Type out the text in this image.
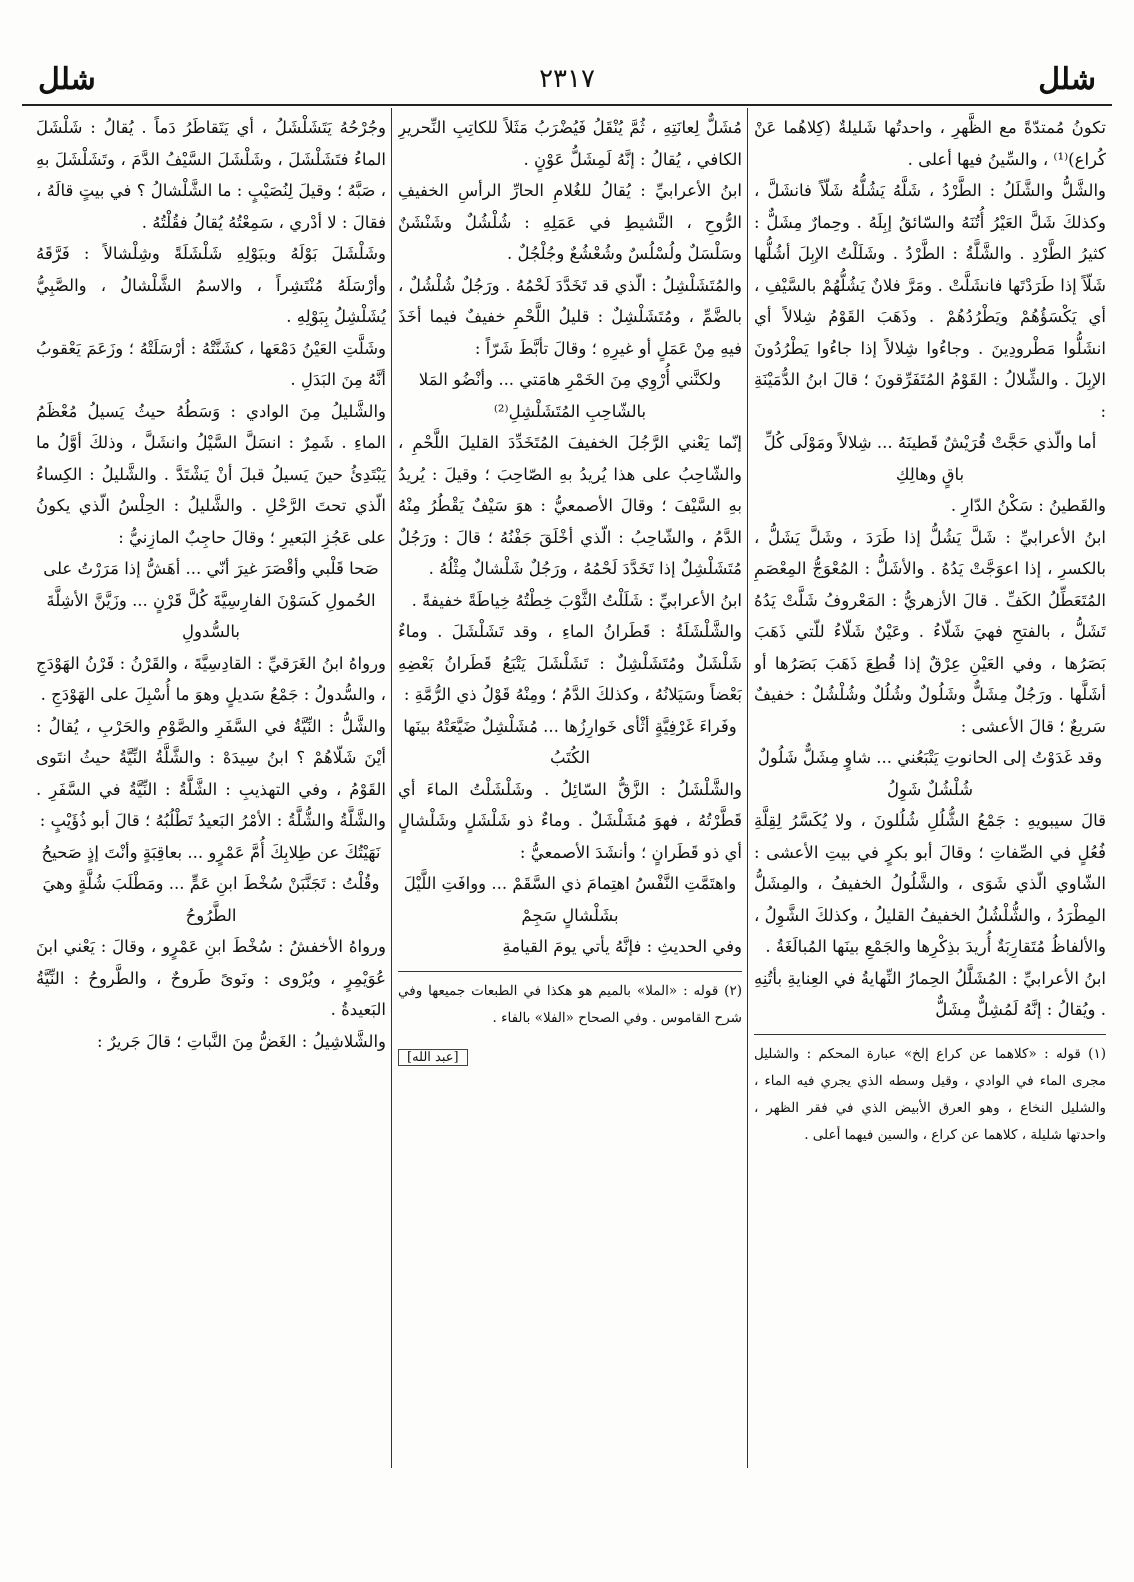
شلل
٢٣١٧
شلل

تكونُ مُمتدّةً مع الظَّهرِ ، واحدتُها شَليلةٌ (كِلاهُما عَنْ كُراع)⁽¹⁾ ، والسِّينُ فيها أعلى .

والشَّلُّ والشَّلَلُ : الطَّرْدُ ، شَلَّهُ يَشُلُّهُ شَلّاً فانشَلَّ ، وكذلكَ شَلَّ العَيْرُ أُتُنَهُ والسّائقُ إبِلَهُ . وحِمارٌ مِشَلٌّ : كثيرُ الطَّرْدِ . والشَّلَّةُ : الطَّرْدُ . وشَلَلْتُ الإبِلَ أشُلُّها شَلّاً إذا طَرَدْتَها فانشَلَّتْ . ومَرَّ فلانٌ يَشُلُّهُمْ بالسَّيْفِ ، أي يَكْسَؤُهُمْ ويَطْرُدُهُمْ . وذَهَبَ القَوْمُ شِلالاً أي انشَلُّوا مَطْرودِينَ . وجاءُوا شِلالاً إذا جاءُوا يَطْرُدُونَ الإبِلَ . والشِّلالُ : القَوْمُ المُتَفَرِّقونَ ؛ قالَ ابنُ الدُّمَيْنَةِ :

أما والّذي حَجَّتْ قُرَيْشٌ قَطينَهُ ... شِلالاً ومَوْلَى كُلِّ باقٍ وهالِكِ

والقَطينُ : سَكْنُ الدّارِ .

ابنُ الأعرابيِّ : شَلَّ يَشُلُّ إذا طَرَدَ ، وشَلَّ يَشَلُّ ، بالكسرِ ، إذا اعوَجَّتْ يَدُهُ . والأشَلُّ : المُعْوَجُّ المِعْصَمِ المُتَعَطِّلُ الكَفِّ . قالَ الأزهريُّ : المَعْروفُ شَلَّتْ يَدُهُ تَشَلُّ ، بالفتحِ فهيَ شَلّاءُ . وعَيْنٌ شَلّاءُ للّتي ذَهَبَ بَصَرُها ، وفي العَيْنِ عِرْقٌ إذا قُطِعَ ذَهَبَ بَصَرُها أو أشَلَّها . ورَجُلٌ مِشَلٌّ وشَلُولٌ وشُلُلٌ وشُلْشُلٌ : خفيفٌ سَريعٌ ؛ قالَ الأعشى :

وقد غَدَوْتُ إلى الحانوتِ يَتْبَعُني ... شاوٍ مِشَلٌّ شَلُولٌ شُلْشُلٌ شَوِلُ

قالَ سيبويهِ : جَمْعُ الشُّلُلِ شُلُلونَ ، ولا يُكَسَّرُ لِقِلَّةِ فُعُلٍ في الصِّفاتِ ؛ وقالَ أبو بكرٍ في بيتِ الأعشى : الشّاوي الّذي شَوَى ، والشَّلُولُ الخفيفُ ، والمِشَلُّ المِطْرَدُ ، والشُّلْشُلُ الخفيفُ القليلُ ، وكذلكَ الشَّوِلُ ، والألفاظُ مُتَقارِبَةٌ أُريدَ بذِكْرِها والجَمْعِ بينَها المُبالَغَةُ .

ابنُ الأعرابيِّ : المُشَلَّلُ الحِمارُ النِّهايةُ في العِنايةِ بأتُنِهِ . ويُقالُ : إنَّهُ لَمُشِلٌّ مِشَلٌّ

(١) قوله : «كلاهما عن كراع إلخ» عبارة المحكم : والشليل مجرى الماء في الوادي ، وقيل وسطه الذي يجري فيه الماء ، والشليل النخاع ، وهو العرق الأبيض الذي في فقر الظهر ، واحدتها شليلة ، كلاهما عن كراع ، والسين فيهما أعلى .

مُشَلٌّ لِعانَتِهِ ، ثُمَّ يُنْقَلُ فَيُضْرَبُ مَثَلاً للكاتِبِ النِّحريرِ الكافي ، يُقالُ : إنَّهُ لَمِشَلُّ عَوْنٍ .

ابنُ الأعرابيِّ : يُقالُ للغُلامِ الحارِّ الرأسِ الخفيفِ الرُّوحِ ، النَّشيطِ في عَمَلِهِ : شُلْشُلٌ وشَنْشَنٌ وسَلْسَلٌ ولُسْلُسٌ وشُعْشُعٌ وجُلْجُلٌ .

والمُتَشَلْشِلُ : الّذي قد تَخَدَّدَ لَحْمُهُ . ورَجُلٌ شُلْشُلٌ ، بالضَّمِّ ، ومُتَشَلْشِلٌ : قليلُ اللَّحْمِ خفيفٌ فيما أخَذَ فيهِ مِنْ عَمَلٍ أو غيرِهِ ؛ وقالَ تأبَّطَ شَرّاً :

ولكنَّني أُرْوِي مِنَ الخَمْرِ هامَتي ... وأنْضُو المَلا بالشّاحِبِ المُتَشَلْشِلِ⁽²⁾

إنّما يَعْني الرَّجُلَ الخفيفَ المُتَخَدِّدَ القليلَ اللَّحْمِ ، والشّاحِبُ على هذا يُريدُ بهِ الصّاحِبَ ؛ وقيلَ : يُريدُ بهِ السَّيْفَ ؛ وقالَ الأصمعيُّ : هوَ سَيْفٌ يَقْطُرُ مِنْهُ الدَّمُ ، والشّاحِبُ : الّذي أخْلَقَ جَفْنُهُ ؛ قالَ : ورَجُلٌ مُتَشَلْشِلٌ إذا تَخَدَّدَ لَحْمُهُ ، ورَجُلٌ شَلْشالٌ مِثْلُهُ .

ابنُ الأعرابيِّ : شَلَلْتُ الثَّوْبَ خِطْتُهُ خِياطَةً خفيفةً .

والشَّلْشَلَةُ : قَطَرانُ الماءِ ، وقد تَشَلْشَلَ . وماءٌ شَلْشَلٌ ومُتَشَلْشِلٌ : تَشَلْشَلَ يَتْبَعُ قَطَرانُ بَعْضِهِ بَعْضاً وسَيَلانُهُ ، وكذلكَ الدَّمُ ؛ ومِنْهُ قَوْلُ ذي الرُّمَّةِ :

وفَراءَ غَرْفِيَّةٍ أثْأى خَوارِزُها ... مُشَلْشِلٌ ضَيَّعَتْهُ بينَها الكُتَبُ

والشَّلْشَلُ : الزَّقُّ السّائِلُ . وشَلْشَلْتُ الماءَ أي قَطَّرْتُهُ ، فهوَ مُشَلْشَلٌ . وماءٌ ذو شَلْشَلٍ وشَلْشالٍ أي ذو قَطَرانٍ ؛ وأنشَدَ الأصمعيُّ :

واهتَمَّتِ النَّفْسُ اهتِمامَ ذي السَّقَمْ ... ووافَتِ اللَّيْلَ بشَلْشالٍ سَجِمْ

وفي الحديثِ : فإنَّهُ يأتي يومَ القيامةِ

(٢) قوله : «الملا» بالميم هو هكذا في الطبعات جميعها وفي شرح القاموس . وفي الصحاح «الفلا» بالفاء .

[عبد الله]

وجُرْحُهُ يَتَشَلْشَلُ ، أي يَتَقاطَرُ دَماً . يُقالُ : شَلْشَلَ الماءُ فتَشَلْشَلَ ، وشَلْشَلَ السَّيْفُ الدَّمَ ، وتَشَلْشَلَ بهِ ، صَبَّهُ ؛ وقيلَ لِنُصَيْبٍ : ما الشَّلْشالُ ؟ في بيتٍ قالَهُ ، فقالَ : لا أدْري ، سَمِعْتُهُ يُقالُ فقُلْتُهُ .

وشَلْشَلَ بَوْلَهُ وببَوْلِهِ شَلْشَلَةً وشِلْشالاً : فَرَّقَهُ وأرْسَلَهُ مُنْتَشِراً ، والاسمُ الشَّلْشالُ ، والصَّبِيُّ يُشَلْشِلُ بِبَوْلِهِ .

وشَلَّتِ العَيْنُ دَمْعَها ، كشَنَّتْهُ : أرْسَلَتْهُ ؛ وزَعَمَ يَعْقوبُ أنَّهُ مِنَ البَدَلِ .

والشَّليلُ مِنَ الوادي : وَسَطُهُ حيثُ يَسيلُ مُعْظَمُ الماءِ . شَمِرٌ : انسَلَّ السَّيْلُ وانشَلَّ ، وذلكَ أوَّلُ ما يَبْتَدِئُ حينَ يَسيلُ قبلَ أنْ يَشْتَدَّ . والشَّليلُ : الكِساءُ الّذي تحتَ الرَّحْلِ . والشَّليلُ : الحِلْسُ الّذي يكونُ على عَجُزِ البَعيرِ ؛ وقالَ حاجِبٌ المازِنيُّ :

صَحا قَلْبي وأقْصَرَ غيرَ أنّي ... أهَشُّ إذا مَرَرْتُ على الحُمولِ كَسَوْنَ الفارِسِيَّةَ كُلَّ قَرْنٍ ... وزَيَّنَّ الأشِلَّةَ بالسُّدولِ

ورواهُ ابنُ الغَرَقيِّ : القادِسِيَّةَ ، والقَرْنُ : قَرْنُ الهَوْدَجِ ، والسُّدولُ : جَمْعُ سَديلٍ وهوَ ما أُسْبِلَ على الهَوْدَجِ .

والشَّلُّ : النِّيَّةُ في السَّفَرِ والصَّوْمِ والحَرْبِ ، يُقالُ : أيْنَ شَلّاهُمْ ؟ ابنُ سِيدَهْ : والشَّلَّةُ النِّيَّةُ حيثُ انتَوى القَوْمُ ، وفي التهذيبِ : الشَّلَّةُ : النِّيَّةُ في السَّفَرِ . والشَّلَّةُ والشُّلَّةُ : الأمْرُ البَعيدُ تَطْلُبُهُ ؛ قالَ أبو ذُؤَيْبٍ :

نَهَيْتُكَ عن طِلابِكَ أُمَّ عَمْرٍو ... بعاقِبَةٍ وأنْتَ إذٍ صَحيحُ وقُلْتُ : تَجَنَّبَنْ سُخْطَ ابنِ عَمٍّ ... ومَطْلَبَ شُلَّةٍ وهيَ الطَّرُوحُ

ورواهُ الأخفشُ : سُخْطَ ابنِ عَمْرٍو ، وقالَ : يَعْني ابنَ عُوَيْمِرٍ ، ويُرْوى : ونَوىً طَروحٌ ، والطَّروحُ : النِّيَّةُ البَعيدةُ .

والشَّلاشِيلُ : الغَضُّ مِنَ النَّباتِ ؛ قالَ جَريرٌ :
